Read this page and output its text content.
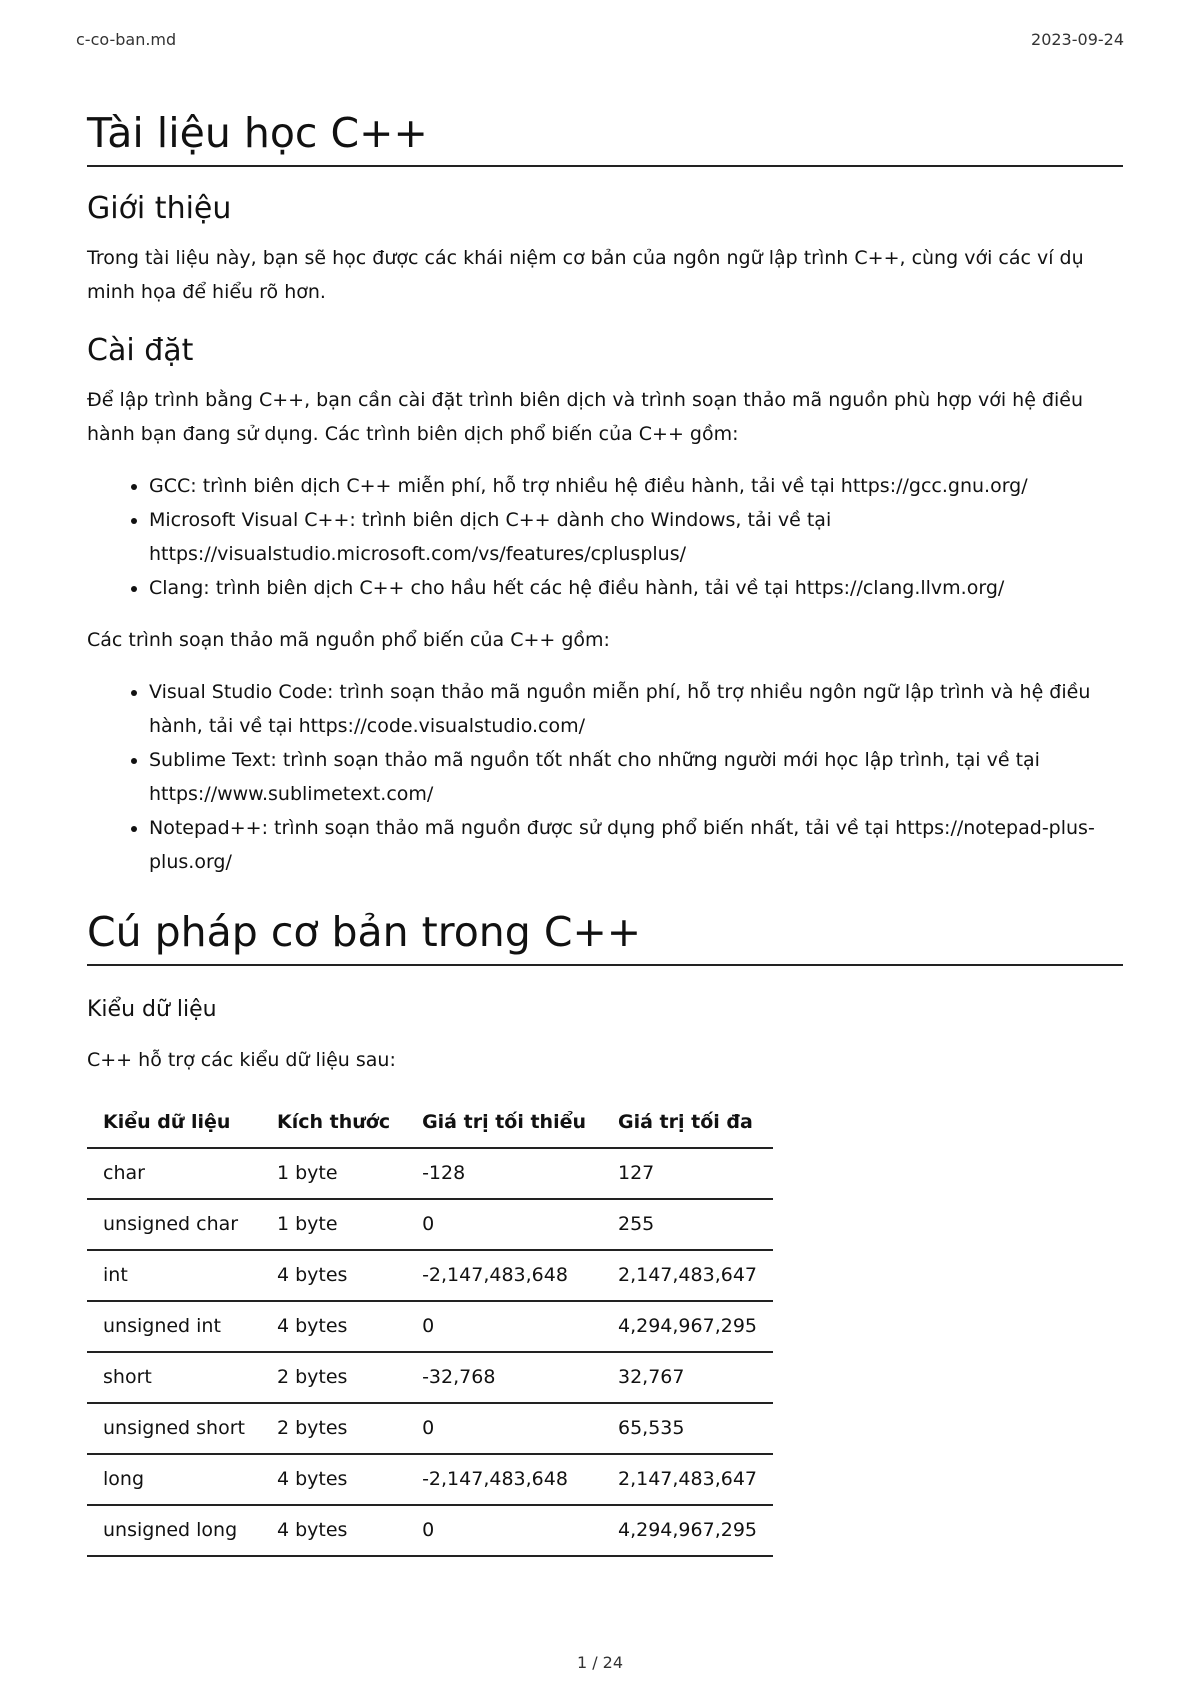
c-co-ban.md	2023-09-24
Tài liệu học C++
Giới thiệu

Trong tài liệu này, bạn sẽ học được các khái niệm cơ bản của ngôn ngữ lập trình C++, cùng với các ví dụ minh họa để hiểu rõ hơn.

Cài đặt

Để lập trình bằng C++, bạn cần cài đặt trình biên dịch và trình soạn thảo mã nguồn phù hợp với hệ điều hành bạn đang sử dụng. Các trình biên dịch phổ biến của C++ gồm:

• GCC: trình biên dịch C++ miễn phí, hỗ trợ nhiều hệ điều hành, tải về tại https://gcc.gnu.org/
• Microsoft Visual C++: trình biên dịch C++ dành cho Windows, tải về tại https://visualstudio.microsoft.com/vs/features/cplusplus/
• Clang: trình biên dịch C++ cho hầu hết các hệ điều hành, tải về tại https://clang.llvm.org/

Các trình soạn thảo mã nguồn phổ biến của C++ gồm:

• Visual Studio Code: trình soạn thảo mã nguồn miễn phí, hỗ trợ nhiều ngôn ngữ lập trình và hệ điều hành, tải về tại https://code.visualstudio.com/
• Sublime Text: trình soạn thảo mã nguồn tốt nhất cho những người mới học lập trình, tại về tại https://www.sublimetext.com/
• Notepad++: trình soạn thảo mã nguồn được sử dụng phổ biến nhất, tải về tại https://notepad-plus-plus.org/
Cú pháp cơ bản trong C++
Kiểu dữ liệu

C++ hỗ trợ các kiểu dữ liệu sau:

Kiểu dữ liệu	Kích thước	Giá trị tối thiểu	Giá trị tối đa
char	1 byte	-128	127
unsigned char	1 byte	0	255
int	4 bytes	-2,147,483,648	2,147,483,647
unsigned int	4 bytes	0	4,294,967,295
short	2 bytes	-32,768	32,767
unsigned short	2 bytes	0	65,535
long	4 bytes	-2,147,483,648	2,147,483,647
unsigned long	4 bytes	0	4,294,967,295
1 / 24
